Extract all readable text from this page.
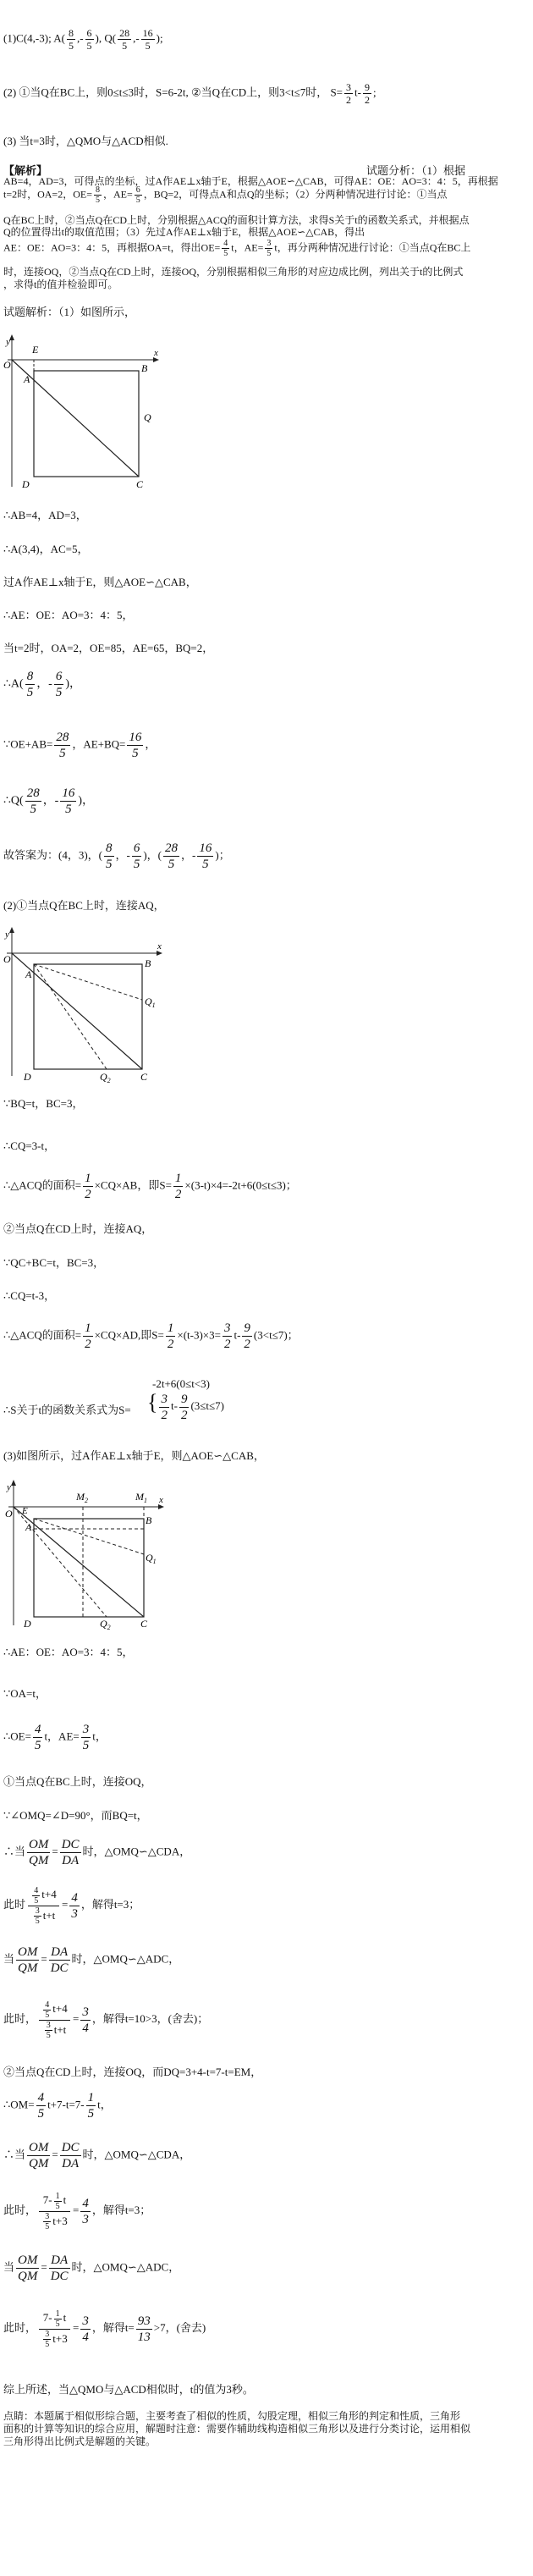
(1)C(4,-3); $A( \frac{8}{5}$ ,- $\frac{6}{5}$ ), $Q( \frac{28}{5}$ ,- $\frac{16}{5}$ );
(2) ①当Q在BC上，则0≤t≤3时，S=6-2t, ②当Q在CD上，则3<t≤7时， $S= \frac{3}{2} t- \frac{9}{2}$ ;
(3) 当t=3时，△QMO与△ACD相似.
【解析】	试题分析：（1）根据
AB=4，AD=3，可得点的坐标，过A作AE⊥x轴于E，根据△AOE∽△CAB，可得AE：OE：AO=3：4：5，再根据
t=2时，OA=2，$OE= \frac{8}{5}$ ，$AE= \frac{6}{5}$ ，BQ=2，可得点A和点Q的坐标；（2）分两种情况进行讨论：①当点
Q在BC上时，②当点Q在CD上时，分别根据△ACQ的面积计算方法，求得S关于t的函数关系式，并根据点
Q的位置得出t的取值范围；（3）先过A作AE⊥x轴于E，根据△AOE∽△CAB，得出
AE：OE：AO=3：4：5，再根据OA=t，得出$OE= \frac{4}{5}$ t，$AE= \frac{3}{5}$ t，再分两种情况进行讨论：①当点Q在BC上
时，连接OQ，②当点Q在CD上时，连接OQ，分别根据相似三角形的对应边成比例，列出关于t的比例式
，求得t的值并检验即可。
试题解析：（1）如图所示，
y
x
O
E
A
B
Q
C
D
∴AB=4，AD=3，
∴A(3,4)，AC=5，
过A作AE⊥x轴于E，则△AOE∽△CAB，
∴AE：OE：AO=3：4：5，
当t=2时，OA=2，OE=85，AE=65，BQ=2，
∴A( $\frac{8}{5}$ ，- $\frac{6}{5}$ )，
∵OE+AB= $\frac{28}{5}$ ，$AE+BQ= \frac{16}{5}$ ，
∴Q( $\frac{28}{5}$ ，- $\frac{16}{5}$ )，
故答案为：(4，3)，( $\frac{8}{5}$ ，- $\frac{6}{5}$ )，( $\frac{28}{5}$ ，- $\frac{16}{5}$ )；
(2)①当点Q在BC上时，连接AQ，
y
x
O
A
B
$Q_1$
$Q_2$	C
D
∵BQ=t，BC=3，
∴CQ=3-t，
∴△ACQ的面积= $\frac{1}{2} \times CQ\times AB$，即$S= \frac{1}{2} \times(3-t)\times 4=-2t+6(0\le t\le 3)$；
②当点Q在CD上时，连接AQ，
∵QC+BC=t，BC=3，
∴CQ=t-3，
∴△ACQ的面积= $\frac{1}{2} \times CQ\times AD$,即$S= \frac{1}{2} \times(t-3)\times 3= \frac{3}{2} t- \frac{9}{2} (3<t\le 7)$；
-2t+6(0≤t<3)
∴S关于t的函数关系式为S= { $\frac{3}{2} t- \frac{9}{2} (3\le t\le 7)$
(3)如图所示，过A作AE⊥x轴于E，则△AOE∽△CAB，
y
x
O
A
E
$M_2$	$M_1$
B
$Q_1$
$Q_2$	C
D
∴AE：OE：AO=3：4：5，
∵OA=t，
∴OE= $\frac{4}{5}$ t，$AE= \frac{3}{5}$ t，
①当点Q在BC上时，连接OQ，
∵∠OMQ=∠D=90°，而BQ=t，
∴当 $\frac{OM}{QM} = \frac{DC}{DA}$ 时，△OMQ∽△CDA，
此时 $\frac{\frac{4}{5} t+4}{\frac{3}{5} t+t} = \frac{4}{3}$ ，解得t=3；
当 $\frac{OM}{QM} = \frac{DA}{DC}$ 时，△OMQ∽△ADC，
此时， $\frac{\frac{4}{5} t+4}{\frac{3}{5} t+t} = \frac{3}{4}$ ，解得t=10>3，(舍去)；
②当点Q在CD上时，连接OQ，而DQ=3+4-t=7-t=EM，
∴OM= $\frac{4}{5} t+7-t=7- \frac{1}{5}$ t，
∴当 $\frac{OM}{QM} = \frac{DC}{DA}$ 时，△OMQ∽△CDA，
此时， $\frac{7- \frac{1}{5} t}{\frac{3}{5} t+3} = \frac{4}{3}$ ，解得t=3；
当 $\frac{OM}{QM} = \frac{DA}{DC}$ 时，△OMQ∽△ADC，
此时， $\frac{7- \frac{1}{5} t}{\frac{3}{5} t+3} = \frac{3}{4}$ ，解得$t= \frac{93}{13} >7$，(舍去)
综上所述，当△QMO与△ACD相似时，t的值为3秒。
点睛：本题属于相似形综合题，主要考查了相似的性质，勾股定理，相似三角形的判定和性质，三角形
面积的计算等知识的综合应用，解题时注意：需要作辅助线构造相似三角形以及进行分类讨论，运用相似
三角形得出比例式是解题的关键。
